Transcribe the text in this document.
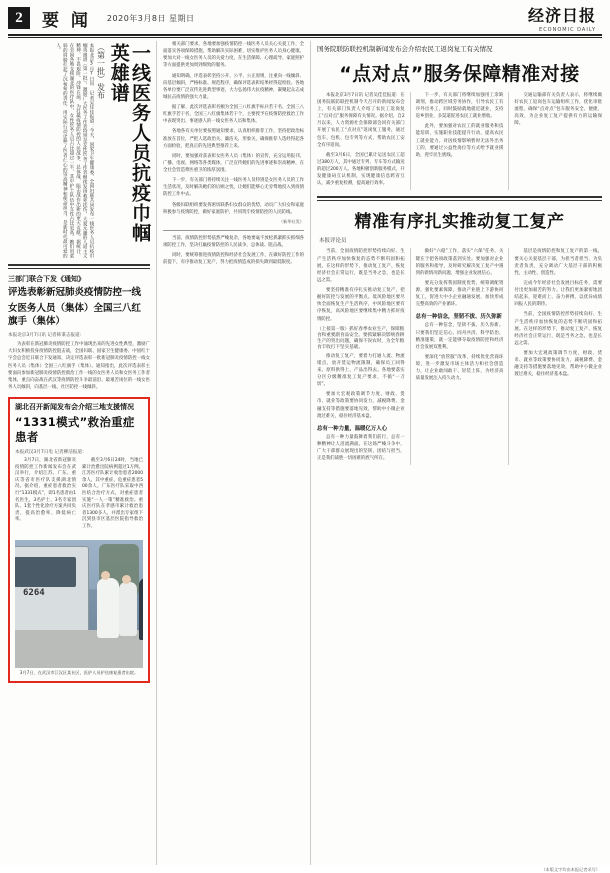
2	要 闻 2020年3月8日 星期日	经济日报
ECONOMIC DAILY
一线医务人员抗疫巾帼英雄谱
（第一批）发布
本报北京3月7日讯 记者吴佳佳报道：今天，国家卫生健康委、全国妇联共同发布一线医务人员抗疫巾帼英雄谱（第一批），激励广大医务工作者特别是女性医务工作者继续发扬救死扶伤、大爱无疆的人道主义精神，不畏艰险、冲锋在前，为打赢疫情防控的人民战争、总体战、阻击战作出新的更大贡献。据统计，在全国各地支援湖北的医疗队中，女性医务人员占比超过一半，其中护士队伍中女性占比更高。她们用柔弱的肩膀扛起了沉甸甸的责任，用实际行动诠释了医者仁心的崇高精神和使命担当，是新时代最可爱的人。
三部门联合下发《通知》
评选表彰新冠肺炎疫情防控一线
女医务人员（集体）全国三八红旗手（集体）
本报北京3月7日讯 记者韩秉志报道：

为表彰在新冠肺炎疫情防控工作中涌现出来的先进女性典型，激励广大妇女积极投身疫情防控阻击战，全国妇联、国家卫生健康委、中国红十字会总会近日联合下发通知，决定评选表彰一批新冠肺炎疫情防控一线女医务人员（集体）全国三八红旗手（集体）。通知指出，此次评选表彰主要面向参加新冠肺炎疫情防控救治工作一线的女医务人员和女医务工作者集体，重点向奋战在武汉等疫情防控斗争最前沿、最艰苦岗位的一线女医务人员倾斜，向基层一线、社区防控一线倾斜。

湖北召开新闻发布会介绍三地支援情况
“1331模式”救治重症患者
本报武汉3月7日电 记者柳洁报道：

3月7日，湖北省新冠肺炎疫情防控工作新闻发布会在武汉举行，介绍江苏、广东、重庆等省市医疗队支援湖北情况。据介绍，重症患者救治实行“1331模式”，即1名患者由1名医生、3名护士、3名专家团队、1套个性化诊疗方案共同负责，提高治愈率、降低病亡率。

截至3月6日24时，当地已累计治愈出院病例超过1万例。江苏医疗队累计收治患者2000余人，其中重症、危重症患者500余人。广东医疗队采取中西医结合治疗方式，对重症患者实施“一人一策”精准救治。重庆医疗队在孝感市累计救治患者1300多人，并派出专家组下沉到县市区基层医院指导救治工作。

6264
3月7日，在武汉市江汉区某社区，医护人员护送康复患者出院。

相关部门要求，各地要加强疫情防控一线医务人员关心关爱工作，全面落实各项保障措施，帮助解决实际困难，切实维护医务人员身心健康。要加大对一线女医务人员的关爱力度，在生活保障、心理疏导、家庭照护等方面提供更加周到细致的服务。

通知明确，评选表彰坚持公开、公平、公正原则，注重向一线倾斜、向基层倾斜，严格标准、规范程序，确保评选表彰结果经得起检验。各地各单位要广泛宣传先进典型事迹，大力弘扬伟大抗疫精神，凝聚起众志成城抗击疫情的强大力量。

据了解，此次评选表彰名额为全国三八红旗手标兵若干名、全国三八红旗手若干名、全国三八红旗集体若干个，主要授予在疫情防控救治工作中表现突出、事迹感人的一线女医务人员和集体。

各地各有关单位要按照通知要求，认真组织推荐工作，坚持把政治标准放在首位，严把人选政治关、廉洁关、形象关，确保推荐人选经得起各方面检验，把真正的先进典型推荐上来。

同时，要加强对获表彰女医务人员（集体）的宣传，充分运用报刊、广播、电视、网络等各类媒体，广泛宣传她们的先进事迹和崇高精神，在全社会营造尊医重卫的浓厚氛围。

下一步，有关部门将持续关注一线医务人员特别是女医务人员的工作生活状况，及时解决她们的后顾之忧，让她们能够心无旁骛地投入到疫情防控工作中去。

各级妇联组织要发挥密切联系妇女群众的优势，动员广大妇女和家庭积极参与疫情防控，做好家庭防护，共同筑牢疫情防控的人民防线。

（新华社发）

当前，疫情防控形势依然严峻复杂，各地要毫不放松抓紧抓实抓细各项防控工作，坚决打赢疫情防控的人民战争、总体战、阻击战。

同时，要统筹推进疫情防控和经济社会发展工作，在做好防控工作的前提下，有序推动复工复产，努力把疫情造成的损失降到最低限度。

国务院联防联控机制新闻发布会介绍农民工返岗复工有关情况
“点对点”服务保障精准对接

本报北京3月7日讯 记者吴佳佳报道：在国务院联防联控机制今天召开的新闻发布会上，有关部门负责人介绍了农民工返岗复工“点对点”服务保障有关情况。据介绍，自2月以来，人力资源社会保障部会同有关部门开展了农民工“点对点”返岗复工服务，通过包车、包机、包专列等方式，帮助农民工安全有序返岗。

截至3月6日，全国已累计运送农民工超过380万人，其中通过专列、专车等方式输送的超过200万人。各地积极创新服务模式，开发健康码互认机制，实现健康信息跨省互认，减少重复检测，提高通行效率。

下一步，有关部门将继续加强用工余缺调剂，推动跨区域劳务协作，引导农民工有序外出务工，同时鼓励就地就近就业，支持返乡创业，多渠道促进农民工就业增收。

此外，要加强对农民工的就业服务和技能培训，实施职业技能提升行动，提高农民工就业能力。对因疫情影响暂时无法外出务工的，要通过公益性岗位等方式给予就业援助，兜牢民生底线。

交通运输部有关负责人表示，将继续做好农民工返岗包车运输组织工作，优化审批流程，确保“点对点”包车服务安全、便捷、高效，为企业复工复产提供有力的运输保障。

精准有序扎实推动复工复产
本报评论员

当前，全国疫情防控形势持续向好、生产生活秩序加快恢复的态势不断巩固和拓展。在这样的形势下，推动复工复产、恢复经济社会正常运行，既是当务之急，也是长远之需。

要坚持精准有序扎实推动复工复产，把握好防控与发展的平衡点。低风险地区要尽快全面恢复生产生活秩序，中风险地区要有序恢复，高风险地区要继续集中精力抓好疫情防控。

（上接第一版）抓好春季农业生产，保障粮食和重要副食品安全。要抓紧解决影响春耕生产的突出问题，确保不误农时，为全年粮食丰收打下坚实基础。

推动复工复产，要着力打通人流、物流堵点，放开货运物流限制，确保员工回得来、原料供得上、产品出得去。各地要落实分区分级精准复工复产要求，不搞“一刀切”。

要加大宏观政策调节力度，财政、货币、就业等政策要协同发力，减税降费、金融支持等措施要落地见效，帮助中小微企业渡过难关，稳住经济基本盘。

总有一种力量，温暖亿万人心

总有一种力量鼓舞着我们前行，总有一种精神让人泪流满面。在这场严峻斗争中，广大干部群众展现出的坚韧、团结与担当，正是我们战胜一切困难的底气所在。

做好“六稳”工作，落实“六保”任务，关键在于把各项政策落到实处。要加强对企业的服务和指导，及时研究解决复工复产中遇到的新情况新问题，增强企业发展信心。

要充分发挥我国制度优势，统筹调配资源，强化要素保障，推动产业链上下游协同复工，促进大中小企业融通发展，加快形成完整高效的产业循环。

总有一种信念，坚韧不拔、历久弥新

总有一种信念，坚韧不拔、历久弥新。只要我们坚定信心、同舟共济、科学防治、精准施策，就一定能够夺取疫情防控和经济社会发展双胜利。

要深化“放管服”改革，持续优化营商环境，进一步激发市场主体活力和社会创造力，让企业敢闯敢干、轻装上阵，为经济高质量发展注入持久动力。

基层是疫情防控和复工复产的第一线。要关心关爱基层干部，为担当者担当、为负责者负责，充分调动广大基层干部的积极性、主动性、创造性。

完成今年经济社会发展目标任务，需要付出更加艰苦的努力。让我们更加紧密地团结起来，迎难而上、奋力拼搏，以优异成绩回报人民的期待。

当前，全国疫情防控形势持续向好、生产生活秩序加快恢复的态势不断巩固和拓展。在这样的形势下，推动复工复产、恢复经济社会正常运行，既是当务之急，也是长远之需。

要加大宏观政策调节力度，财政、货币、就业等政策要协同发力，减税降费、金融支持等措施要落地见效，帮助中小微企业渡过难关，稳住经济基本盘。

（本版文字均由本报记者采写）
